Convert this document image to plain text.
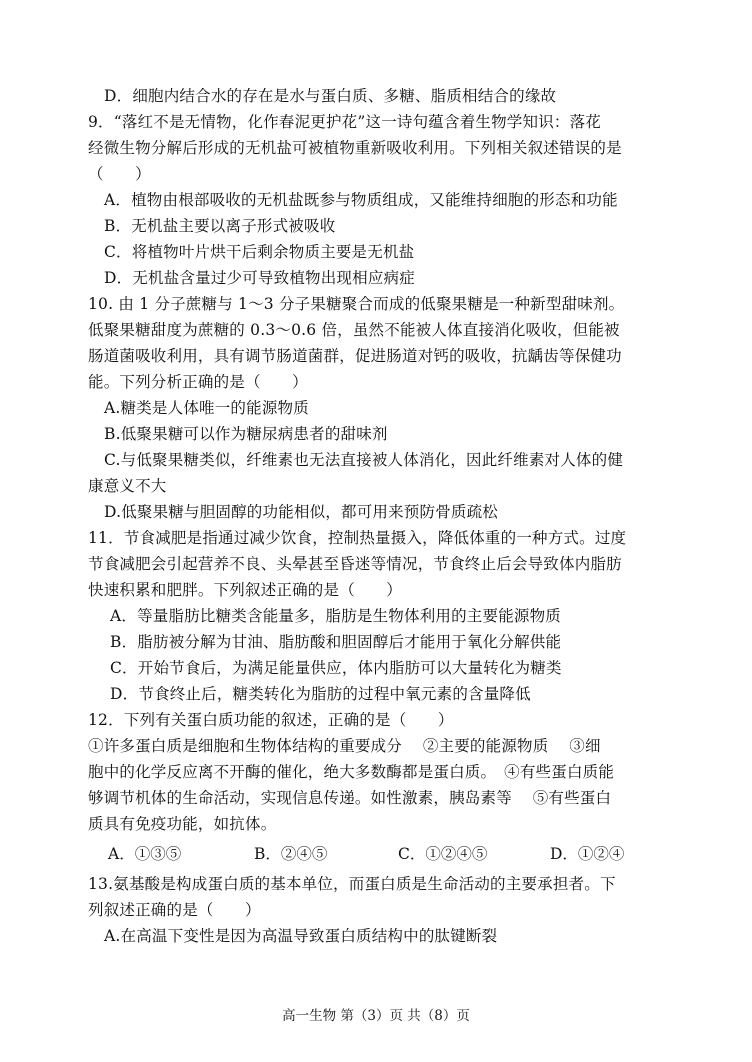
D．细胞内结合水的存在是水与蛋白质、多糖、脂质相结合的缘故
9．“落红不是无情物，化作春泥更护花”这一诗句蕴含着生物学知识：落花
经微生物分解后形成的无机盐可被植物重新吸收利用。下列相关叙述错误的是
（　　）
A．植物由根部吸收的无机盐既参与物质组成，又能维持细胞的形态和功能
B．无机盐主要以离子形式被吸收
C．将植物叶片烘干后剩余物质主要是无机盐
D．无机盐含量过少可导致植物出现相应病症
10. 由 1 分子蔗糖与 1～3 分子果糖聚合而成的低聚果糖是一种新型甜味剂。
低聚果糖甜度为蔗糖的 0.3～0.6 倍，虽然不能被人体直接消化吸收，但能被
肠道菌吸收利用，具有调节肠道菌群，促进肠道对钙的吸收，抗龋齿等保健功
能。下列分析正确的是（　　）
A.糖类是人体唯一的能源物质
B.低聚果糖可以作为糖尿病患者的甜味剂
C.与低聚果糖类似，纤维素也无法直接被人体消化，因此纤维素对人体的健
康意义不大
D.低聚果糖与胆固醇的功能相似，都可用来预防骨质疏松
11．节食减肥是指通过减少饮食，控制热量摄入，降低体重的一种方式。过度
节食减肥会引起营养不良、头晕甚至昏迷等情况，节食终止后会导致体内脂肪
快速积累和肥胖。下列叙述正确的是（　　）
A．等量脂肪比糖类含能量多，脂肪是生物体利用的主要能源物质
B．脂肪被分解为甘油、脂肪酸和胆固醇后才能用于氧化分解供能
C．开始节食后，为满足能量供应，体内脂肪可以大量转化为糖类
D．节食终止后，糖类转化为脂肪的过程中氧元素的含量降低
12．下列有关蛋白质功能的叙述，正确的是（　　）
①许多蛋白质是细胞和生物体结构的重要成分　 ②主要的能源物质　 ③细
胞中的化学反应离不开酶的催化，绝大多数酶都是蛋白质。　④有些蛋白质能
够调节机体的生命活动，实现信息传递。如性激素，胰岛素等　 ⑤有些蛋白
质具有免疫功能，如抗体。
A．①③⑤	B．②④⑤	C．①②④⑤	D．①②④
13.氨基酸是构成蛋白质的基本单位，而蛋白质是生命活动的主要承担者。下
列叙述正确的是（　　）
A.在高温下变性是因为高温导致蛋白质结构中的肽键断裂
高一生物 第（3）页 共（8）页
